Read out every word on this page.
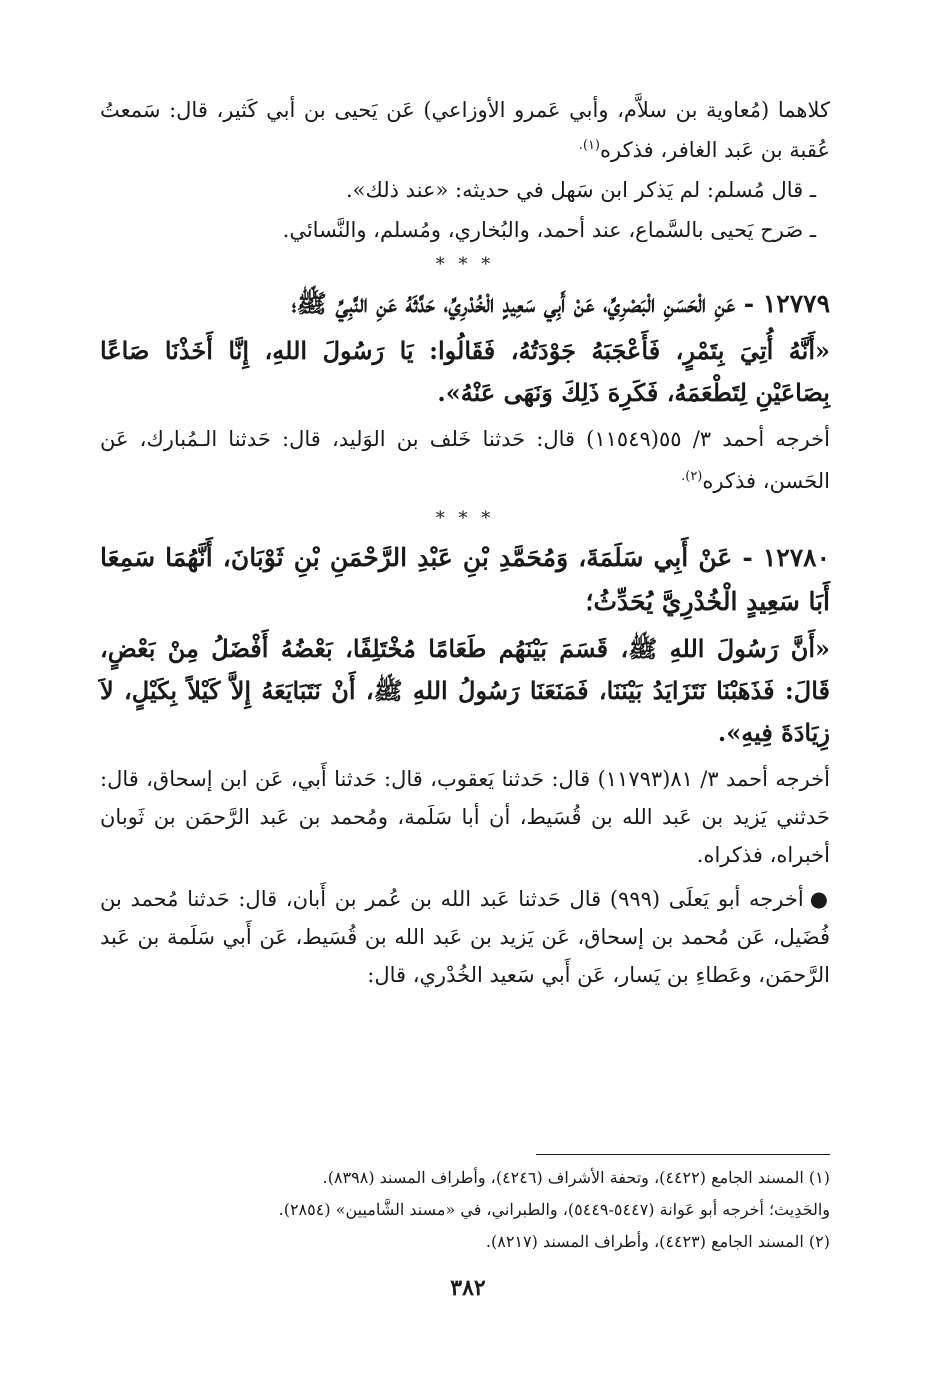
كلاهما (مُعاوية بن سلاَّم، وأبي عَمرو الأوزاعي) عَن يَحيى بن أبي كَثير، قال: سَمعتُ عُقبة بن عَبد الغافر، فذكره$^{(١).}$

ـ قال مُسلم: لم يَذكر ابن سَهل في حديثه: «عند ذلك».

ـ صَرح يَحيى بالسَّماع، عند أحمد، والبُخاري، ومُسلم، والنَّسائي.

* * *

١٢٧٧٩ - عَنِ الْحَسَنِ الْبَصْرِيِّ، عَنْ أَبِي سَعِيدٍ الْخُدْرِيِّ، حَدَّثَهُ عَنِ النَّبِيِّ ﷺ؛

«أَنَّهُ أُتِيَ بِتَمْرٍ، فَأَعْجَبَهُ جَوْدَتُهُ، فَقَالُوا: يَا رَسُولَ اللهِ، إِنَّا أَخَذْنَا صَاعًا بِصَاعَيْنِ لِتَطْعَمَهُ، فَكَرِهَ ذَلِكَ وَنَهَى عَنْهُ».

أخرجه أحمد ٣/ ٥٥(١١٥٤٩) قال: حَدثنا خَلف بن الوَليد، قال: حَدثنا الـمُبارك، عَن الحَسن، فذكره$^{(٢).}$

* * *

١٢٧٨٠ - عَنْ أَبِي سَلَمَةَ، وَمُحَمَّدِ بْنِ عَبْدِ الرَّحْمَنِ بْنِ ثَوْبَانَ، أَنَّهُمَا سَمِعَا أَبَا سَعِيدٍ الْخُدْرِيَّ يُحَدِّثُ؛

«أَنَّ رَسُولَ اللهِ ﷺ، قَسَمَ بَيْنَهُم طَعَامًا مُخْتَلِفًا، بَعْضُهُ أَفْضَلُ مِنْ بَعْضٍ، قَالَ: فَذَهَبْنَا نَتَزَايَدُ بَيْنَنَا، فَمَنَعَنَا رَسُولُ اللهِ ﷺ، أَنْ نَتَبَايَعَهُ إِلاَّ كَيْلاً بِكَيْلٍ، لاَ زِيَادَةَ فِيهِ».

أخرجه أحمد ٣/ ٨١(١١٧٩٣) قال: حَدثنا يَعقوب، قال: حَدثنا أَبي، عَن ابن إسحاق، قال: حَدثني يَزيد بن عَبد الله بن قُسَيط، أن أبا سَلَمة، ومُحمد بن عَبد الرَّحمَن بن ثَوبان أخبراه، فذكراه.

●أخرجه أبو يَعلَى (٩٩٩) قال حَدثنا عَبد الله بن عُمر بن أَبان، قال: حَدثنا مُحمد بن فُضَيل، عَن مُحمد بن إسحاق، عَن يَزيد بن عَبد الله بن قُسَيط، عَن أَبي سَلَمة بن عَبد الرَّحمَن، وعَطاءِ بن يَسار، عَن أَبي سَعيد الخُدْري، قال:

(١) المسند الجامع (٤٤٢٢)، وتحفة الأشراف (٤٢٤٦)، وأطراف المسند (٨٣٩٨).

والحَدِيث؛ أخرجه أبو عَوانة (٥٤٤٧-٥٤٤٩)، والطبراني، في «مسند الشَّاميين» (٢٨٥٤).

(٢) المسند الجامع (٤٤٢٣)، وأطراف المسند (٨٢١٧).

٣٨٢
